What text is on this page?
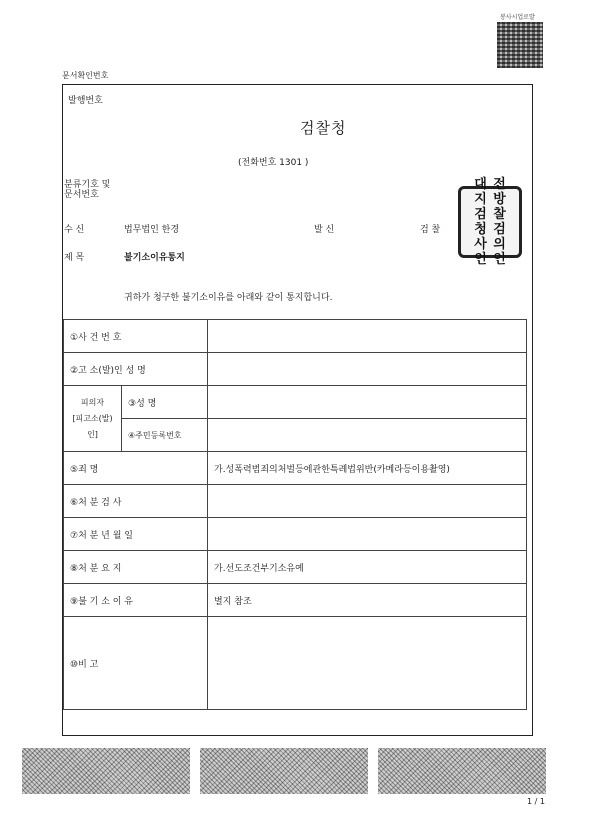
봉사시업로발
문서확인번호
발행번호
검찰청
(전화번호 1301 )
분류기호 및
문서번호
수 신	법무법인 한경	발 신	검 찰
대 전
지 방
검 찰
청 검
사 의
인 인
제 목	불기소이유통지
귀하가 청구한 불기소이유를 아래와 같이 통지합니다.
①사 건 번 호		
②고 소(발)인 성 명		

피의자
[피고소(발)인]	③성 명	
	④주민등록번호	
⑤죄 명		가.성폭력범죄의처벌등에관한특례법위반(카메라등이용촬영)
⑥처 분 검 사		
⑦처 분 년 월 일		
⑧처 분 요 지		가.선도조건부기소유예
⑨불 기 소 이 유		별지 참조
⑩비 고		
1 / 1
